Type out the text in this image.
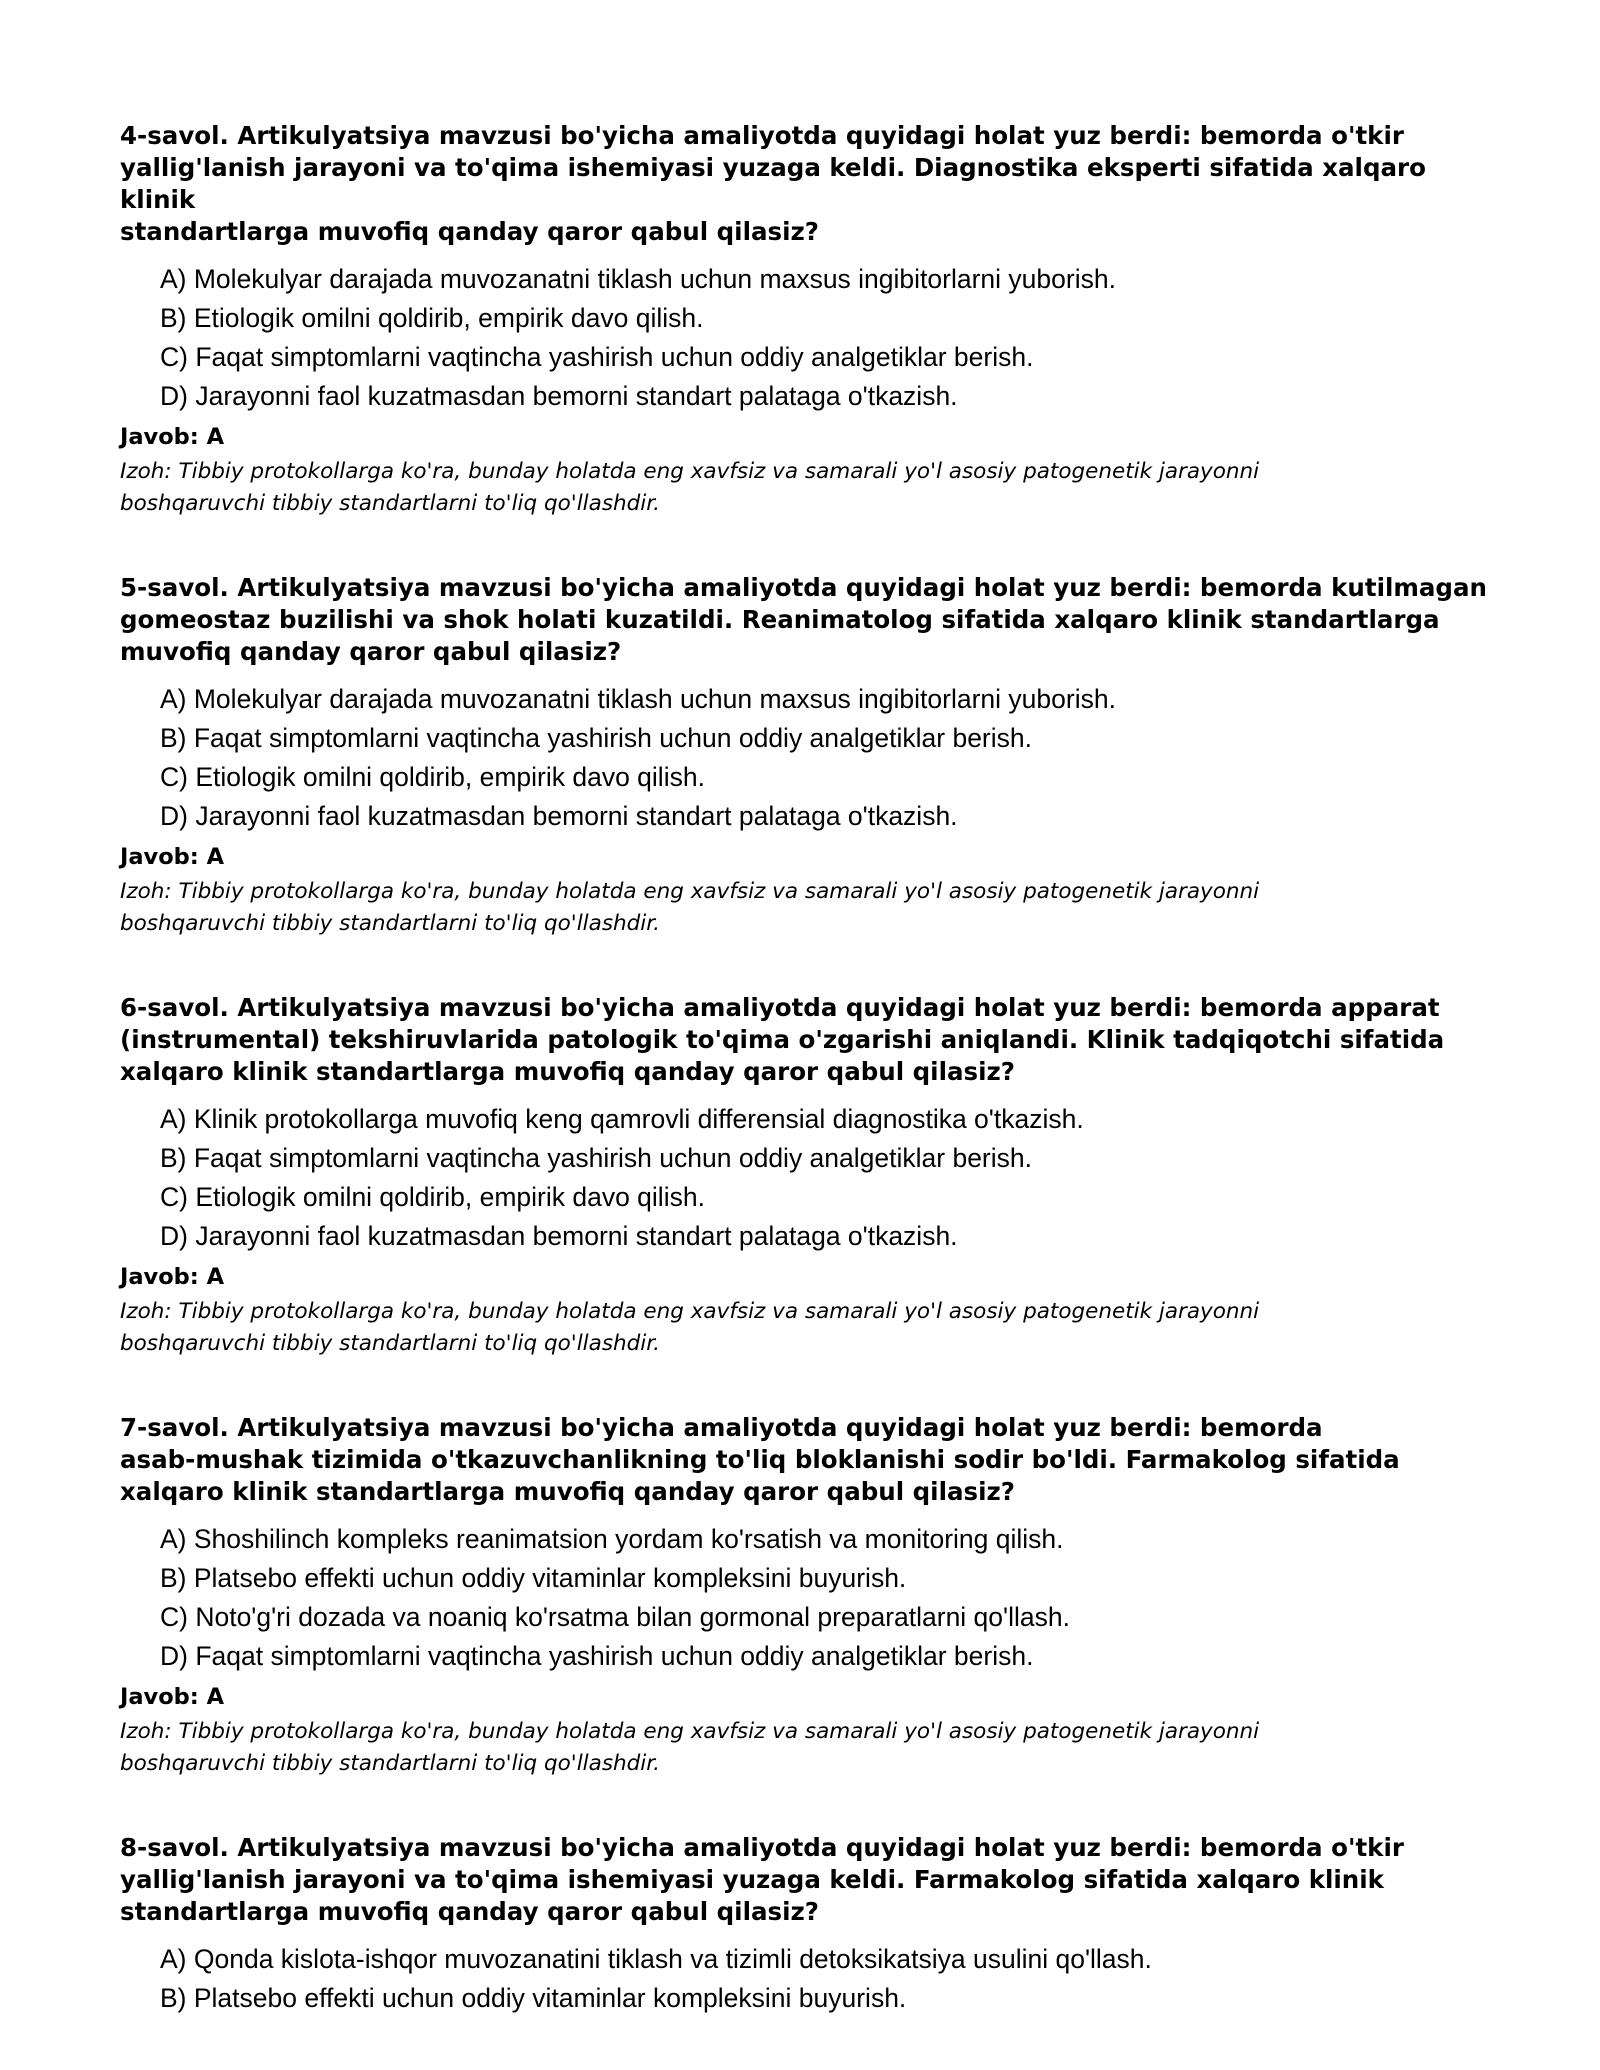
4-savol. Artikulyatsiya mavzusi bo'yicha amaliyotda quyidagi holat yuz berdi: bemorda o'tkir
yallig'lanish jarayoni va to'qima ishemiyasi yuzaga keldi. Diagnostika eksperti sifatida xalqaro klinik
standartlarga muvofiq qanday qaror qabul qilasiz?

A) Molekulyar darajada muvozanatni tiklash uchun maxsus ingibitorlarni yuborish.
B) Etiologik omilni qoldirib, empirik davo qilish.
C) Faqat simptomlarni vaqtincha yashirish uchun oddiy analgetiklar berish.
D) Jarayonni faol kuzatmasdan bemorni standart palataga o'tkazish.

Javob: A

Izoh: Tibbiy protokollarga ko'ra, bunday holatda eng xavfsiz va samarali yo'l asosiy patogenetik jarayonni
boshqaruvchi tibbiy standartlarni to'liq qo'llashdir.

5-savol. Artikulyatsiya mavzusi bo'yicha amaliyotda quyidagi holat yuz berdi: bemorda kutilmagan
gomeostaz buzilishi va shok holati kuzatildi. Reanimatolog sifatida xalqaro klinik standartlarga
muvofiq qanday qaror qabul qilasiz?

A) Molekulyar darajada muvozanatni tiklash uchun maxsus ingibitorlarni yuborish.
B) Faqat simptomlarni vaqtincha yashirish uchun oddiy analgetiklar berish.
C) Etiologik omilni qoldirib, empirik davo qilish.
D) Jarayonni faol kuzatmasdan bemorni standart palataga o'tkazish.

Javob: A

Izoh: Tibbiy protokollarga ko'ra, bunday holatda eng xavfsiz va samarali yo'l asosiy patogenetik jarayonni
boshqaruvchi tibbiy standartlarni to'liq qo'llashdir.

6-savol. Artikulyatsiya mavzusi bo'yicha amaliyotda quyidagi holat yuz berdi: bemorda apparat
(instrumental) tekshiruvlarida patologik to'qima o'zgarishi aniqlandi. Klinik tadqiqotchi sifatida
xalqaro klinik standartlarga muvofiq qanday qaror qabul qilasiz?

A) Klinik protokollarga muvofiq keng qamrovli differensial diagnostika o'tkazish.
B) Faqat simptomlarni vaqtincha yashirish uchun oddiy analgetiklar berish.
C) Etiologik omilni qoldirib, empirik davo qilish.
D) Jarayonni faol kuzatmasdan bemorni standart palataga o'tkazish.

Javob: A

Izoh: Tibbiy protokollarga ko'ra, bunday holatda eng xavfsiz va samarali yo'l asosiy patogenetik jarayonni
boshqaruvchi tibbiy standartlarni to'liq qo'llashdir.

7-savol. Artikulyatsiya mavzusi bo'yicha amaliyotda quyidagi holat yuz berdi: bemorda
asab-mushak tizimida o'tkazuvchanlikning to'liq bloklanishi sodir bo'ldi. Farmakolog sifatida
xalqaro klinik standartlarga muvofiq qanday qaror qabul qilasiz?

A) Shoshilinch kompleks reanimatsion yordam ko'rsatish va monitoring qilish.
B) Platsebo effekti uchun oddiy vitaminlar kompleksini buyurish.
C) Noto'g'ri dozada va noaniq ko'rsatma bilan gormonal preparatlarni qo'llash.
D) Faqat simptomlarni vaqtincha yashirish uchun oddiy analgetiklar berish.

Javob: A

Izoh: Tibbiy protokollarga ko'ra, bunday holatda eng xavfsiz va samarali yo'l asosiy patogenetik jarayonni
boshqaruvchi tibbiy standartlarni to'liq qo'llashdir.

8-savol. Artikulyatsiya mavzusi bo'yicha amaliyotda quyidagi holat yuz berdi: bemorda o'tkir
yallig'lanish jarayoni va to'qima ishemiyasi yuzaga keldi. Farmakolog sifatida xalqaro klinik
standartlarga muvofiq qanday qaror qabul qilasiz?

A) Qonda kislota-ishqor muvozanatini tiklash va tizimli detoksikatsiya usulini qo'llash.
B) Platsebo effekti uchun oddiy vitaminlar kompleksini buyurish.
